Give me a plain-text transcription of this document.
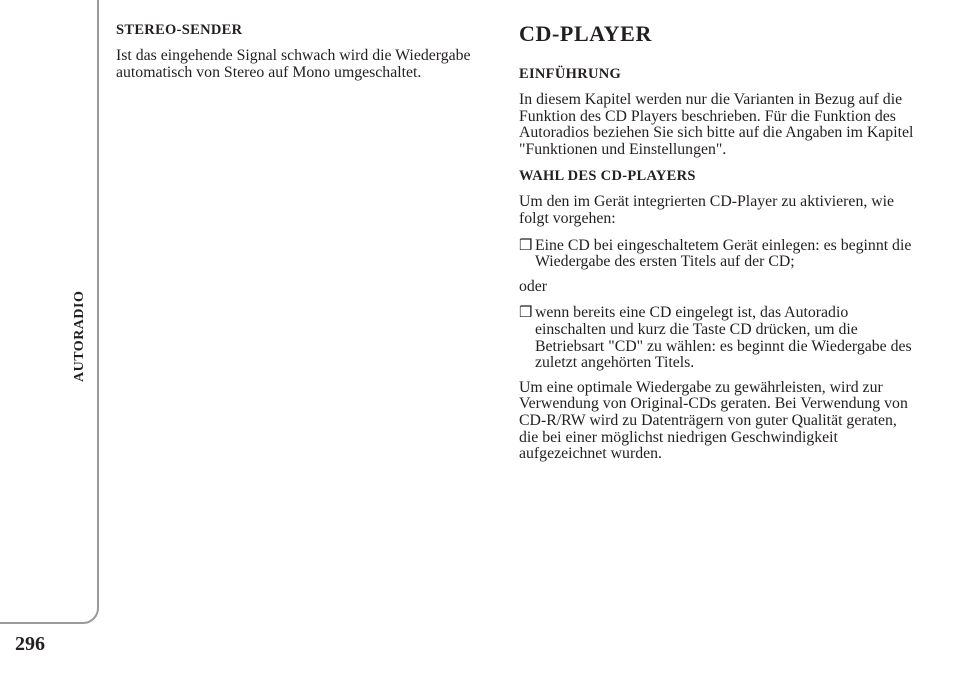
AUTORADIO
296
STEREO-SENDER

Ist das eingehende Signal schwach wird die Wiedergabe automatisch von Stereo auf Mono umgeschaltet.

CD-PLAYER
EINFÜHRUNG

In diesem Kapitel werden nur die Varianten in Bezug auf die Funktion des CD Players beschrieben. Für die Funktion des Autoradios beziehen Sie sich bitte auf die Angaben im Kapitel "Funktionen und Einstellungen".

WAHL DES CD-PLAYERS

Um den im Gerät integrierten CD-Player zu aktivieren, wie folgt vorgehen:

❒ Eine CD bei eingeschaltetem Gerät einlegen: es beginnt die Wiedergabe des ersten Titels auf der CD;

oder

❒ wenn bereits eine CD eingelegt ist, das Autoradio einschalten und kurz die Taste CD drücken, um die Betriebsart "CD" zu wählen: es beginnt die Wiedergabe des zuletzt angehörten Titels.

Um eine optimale Wiedergabe zu gewährleisten, wird zur Verwendung von Original-CDs geraten. Bei Verwendung von CD-R/RW wird zu Datenträgern von guter Qualität geraten, die bei einer möglichst niedrigen Geschwindigkeit aufgezeichnet wurden.
